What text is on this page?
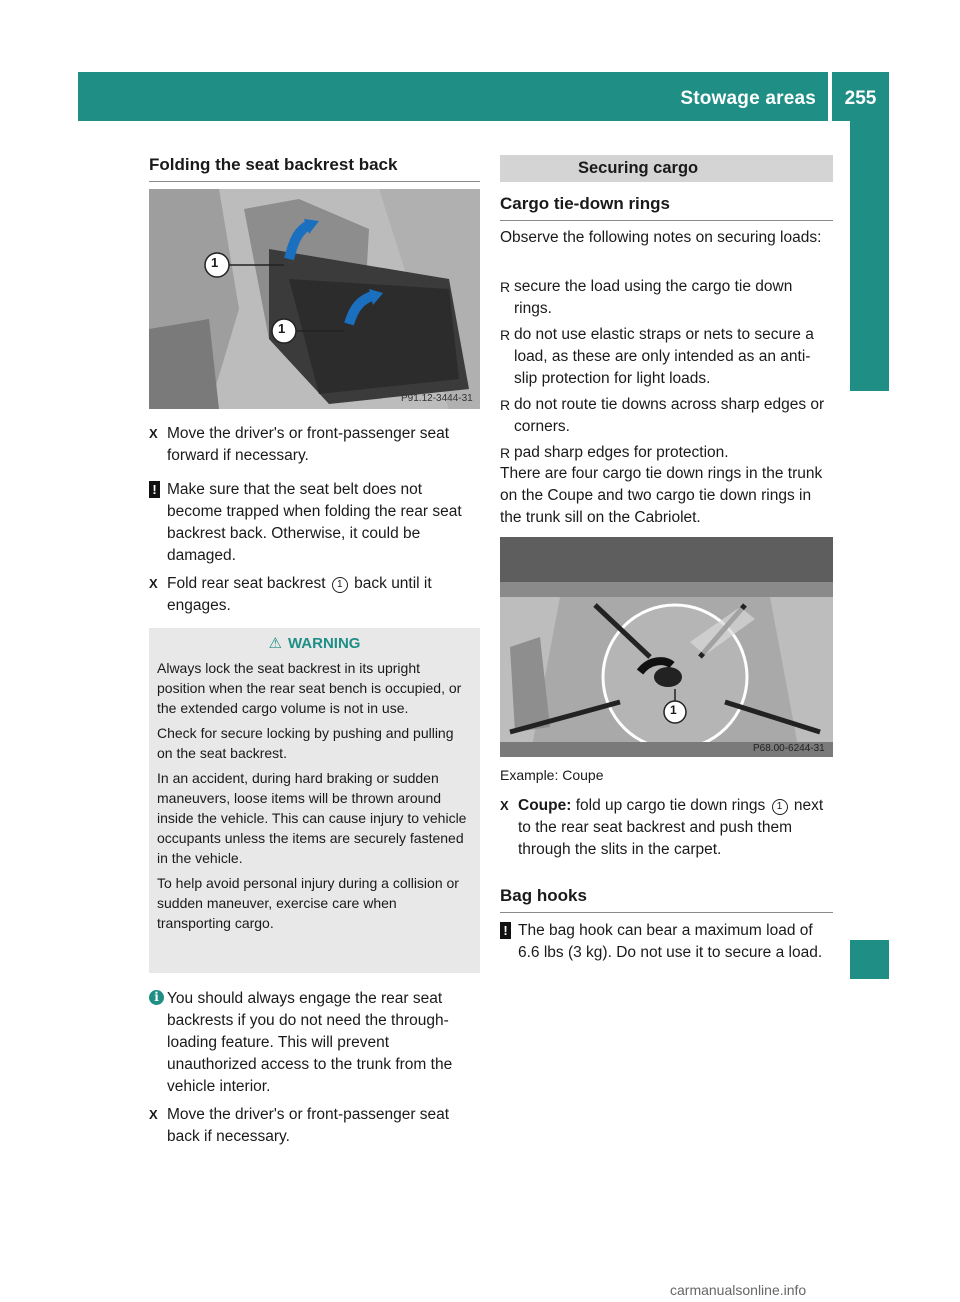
Stowage areas	255
Stowing and features
Folding the seat backrest back
1
1
P91.12-3444-31
X Move the driver's or front-passenger seat forward if necessary.
! Make sure that the seat belt does not become trapped when folding the rear seat backrest back. Otherwise, it could be damaged.
X Fold rear seat backrest 1 back until it engages.
⚠ WARNING

Always lock the seat backrest in its upright position when the rear seat bench is occupied, or the extended cargo volume is not in use.

Check for secure locking by pushing and pulling on the seat backrest.

In an accident, during hard braking or sudden maneuvers, loose items will be thrown around inside the vehicle. This can cause injury to vehicle occupants unless the items are securely fastened in the vehicle.

To help avoid personal injury during a collision or sudden maneuver, exercise care when transporting cargo.

i You should always engage the rear seat backrests if you do not need the through-loading feature. This will prevent unauthorized access to the trunk from the vehicle interior.
X Move the driver's or front-passenger seat back if necessary.
Securing cargo
Cargo tie-down rings
Observe the following notes on securing loads:
R secure the load using the cargo tie down rings.
R do not use elastic straps or nets to secure a load, as these are only intended as an anti-slip protection for light loads.
R do not route tie downs across sharp edges or corners.
R pad sharp edges for protection.
There are four cargo tie down rings in the trunk on the Coupe and two cargo tie down rings in the trunk sill on the Cabriolet.
1
P68.00-6244-31
Example: Coupe
X Coupe: fold up cargo tie down rings 1 next to the rear seat backrest and push them through the slits in the carpet.
Bag hooks
! The bag hook can bear a maximum load of 6.6 lbs (3 kg). Do not use it to secure a load.
carmanualsonline.info
